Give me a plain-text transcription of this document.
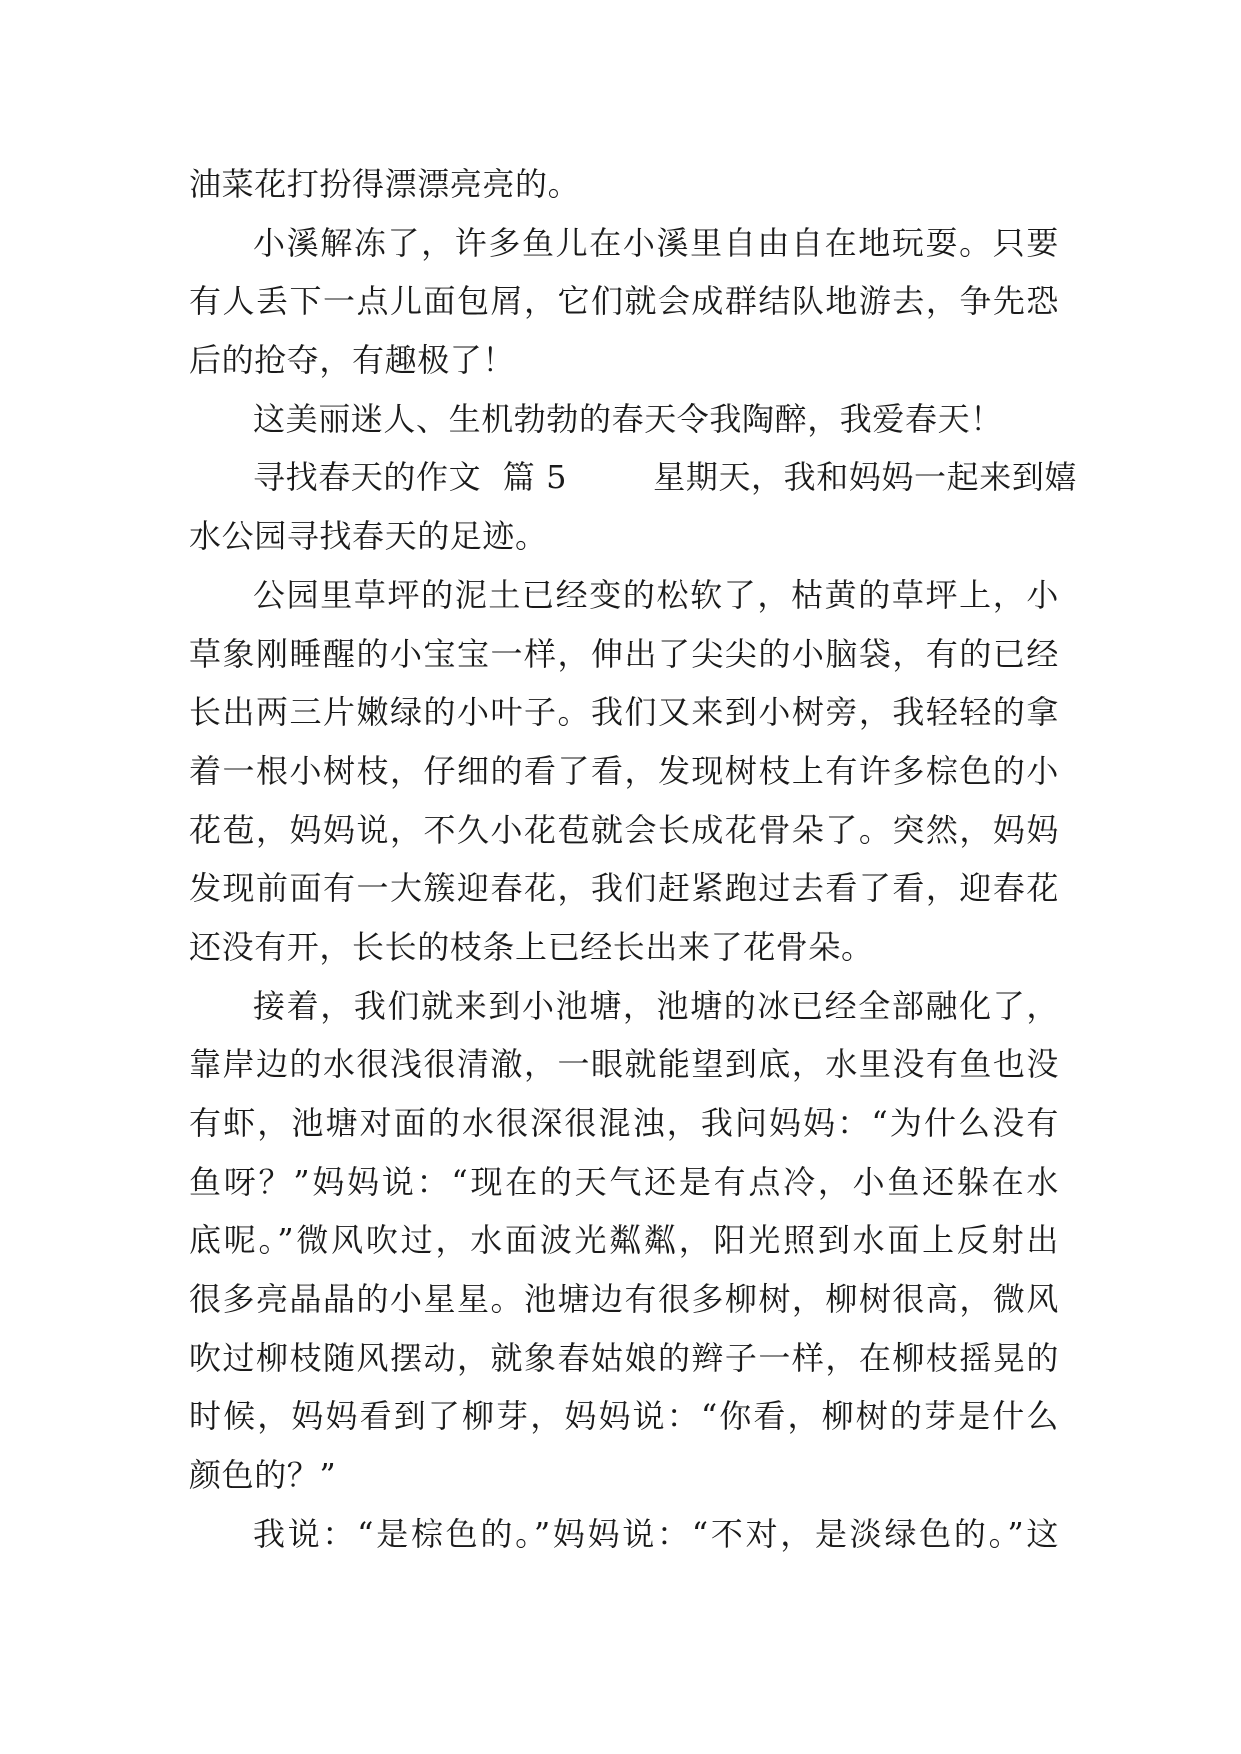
油菜花打扮得漂漂亮亮的。
小溪解冻了，许多鱼儿在小溪里自由自在地玩耍。只要
有人丢下一点儿面包屑，它们就会成群结队地游去，争先恐
后的抢夺，有趣极了！
这美丽迷人、生机勃勃的春天令我陶醉，我爱春天！
寻找春天的作文  篇 5        星期天，我和妈妈一起来到嬉
水公园寻找春天的足迹。
公园里草坪的泥土已经变的松软了，枯黄的草坪上，小
草象刚睡醒的小宝宝一样，伸出了尖尖的小脑袋，有的已经
长出两三片嫩绿的小叶子。我们又来到小树旁，我轻轻的拿
着一根小树枝，仔细的看了看，发现树枝上有许多棕色的小
花苞，妈妈说，不久小花苞就会长成花骨朵了。突然，妈妈
发现前面有一大簇迎春花，我们赶紧跑过去看了看，迎春花
还没有开，长长的枝条上已经长出来了花骨朵。
接着，我们就来到小池塘，池塘的冰已经全部融化了，
靠岸边的水很浅很清澈，一眼就能望到底，水里没有鱼也没
有虾，池塘对面的水很深很混浊，我问妈妈：“为什么没有
鱼呀？”妈妈说：“现在的天气还是有点冷，小鱼还躲在水
底呢。”微风吹过，水面波光粼粼，阳光照到水面上反射出
很多亮晶晶的小星星。池塘边有很多柳树，柳树很高，微风
吹过柳枝随风摆动，就象春姑娘的辫子一样，在柳枝摇晃的
时候，妈妈看到了柳芽，妈妈说：“你看，柳树的芽是什么
颜色的？”
我说：“是棕色的。”妈妈说：“不对，是淡绿色的。”这
